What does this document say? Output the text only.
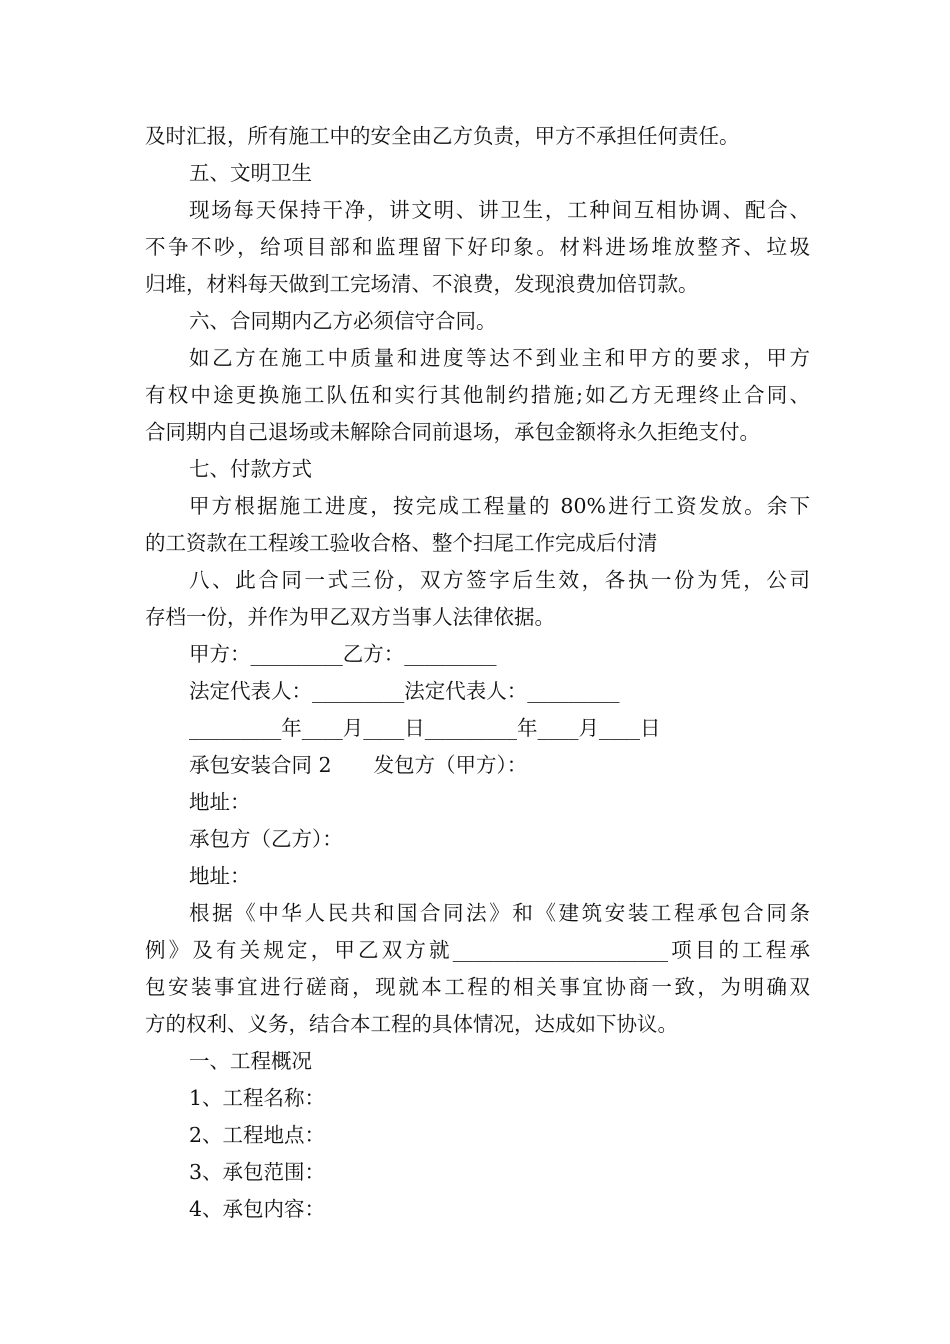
及时汇报，所有施工中的安全由乙方负责，甲方不承担任何责任。
五、文明卫生
现场每天保持干净，讲文明、讲卫生，工种间互相协调、配合、
不争不吵，给项目部和监理留下好印象。材料进场堆放整齐、垃圾
归堆，材料每天做到工完场清、不浪费，发现浪费加倍罚款。
六、合同期内乙方必须信守合同。
如乙方在施工中质量和进度等达不到业主和甲方的要求，甲方
有权中途更换施工队伍和实行其他制约措施;如乙方无理终止合同、
合同期内自己退场或未解除合同前退场，承包金额将永久拒绝支付。
七、付款方式
甲方根据施工进度，按完成工程量的 80%进行工资发放。余下
的工资款在工程竣工验收合格、整个扫尾工作完成后付清
八、此合同一式三份，双方签字后生效，各执一份为凭，公司
存档一份，并作为甲乙双方当事人法律依据。
甲方：_________乙方：_________
法定代表人：_________法定代表人：_________
_________年____月____日_________年____月____日
承包安装合同 2 发包方（甲方）：
地址：
承包方（乙方）：
地址：
根据《中华人民共和国合同法》和《建筑安装工程承包合同条
例》及有关规定，甲乙双方就_____________________项目的工程承
包安装事宜进行磋商，现就本工程的相关事宜协商一致，为明确双
方的权利、义务，结合本工程的具体情况，达成如下协议。
一、工程概况
1、工程名称：
2、工程地点：
3、承包范围：
4、承包内容：
